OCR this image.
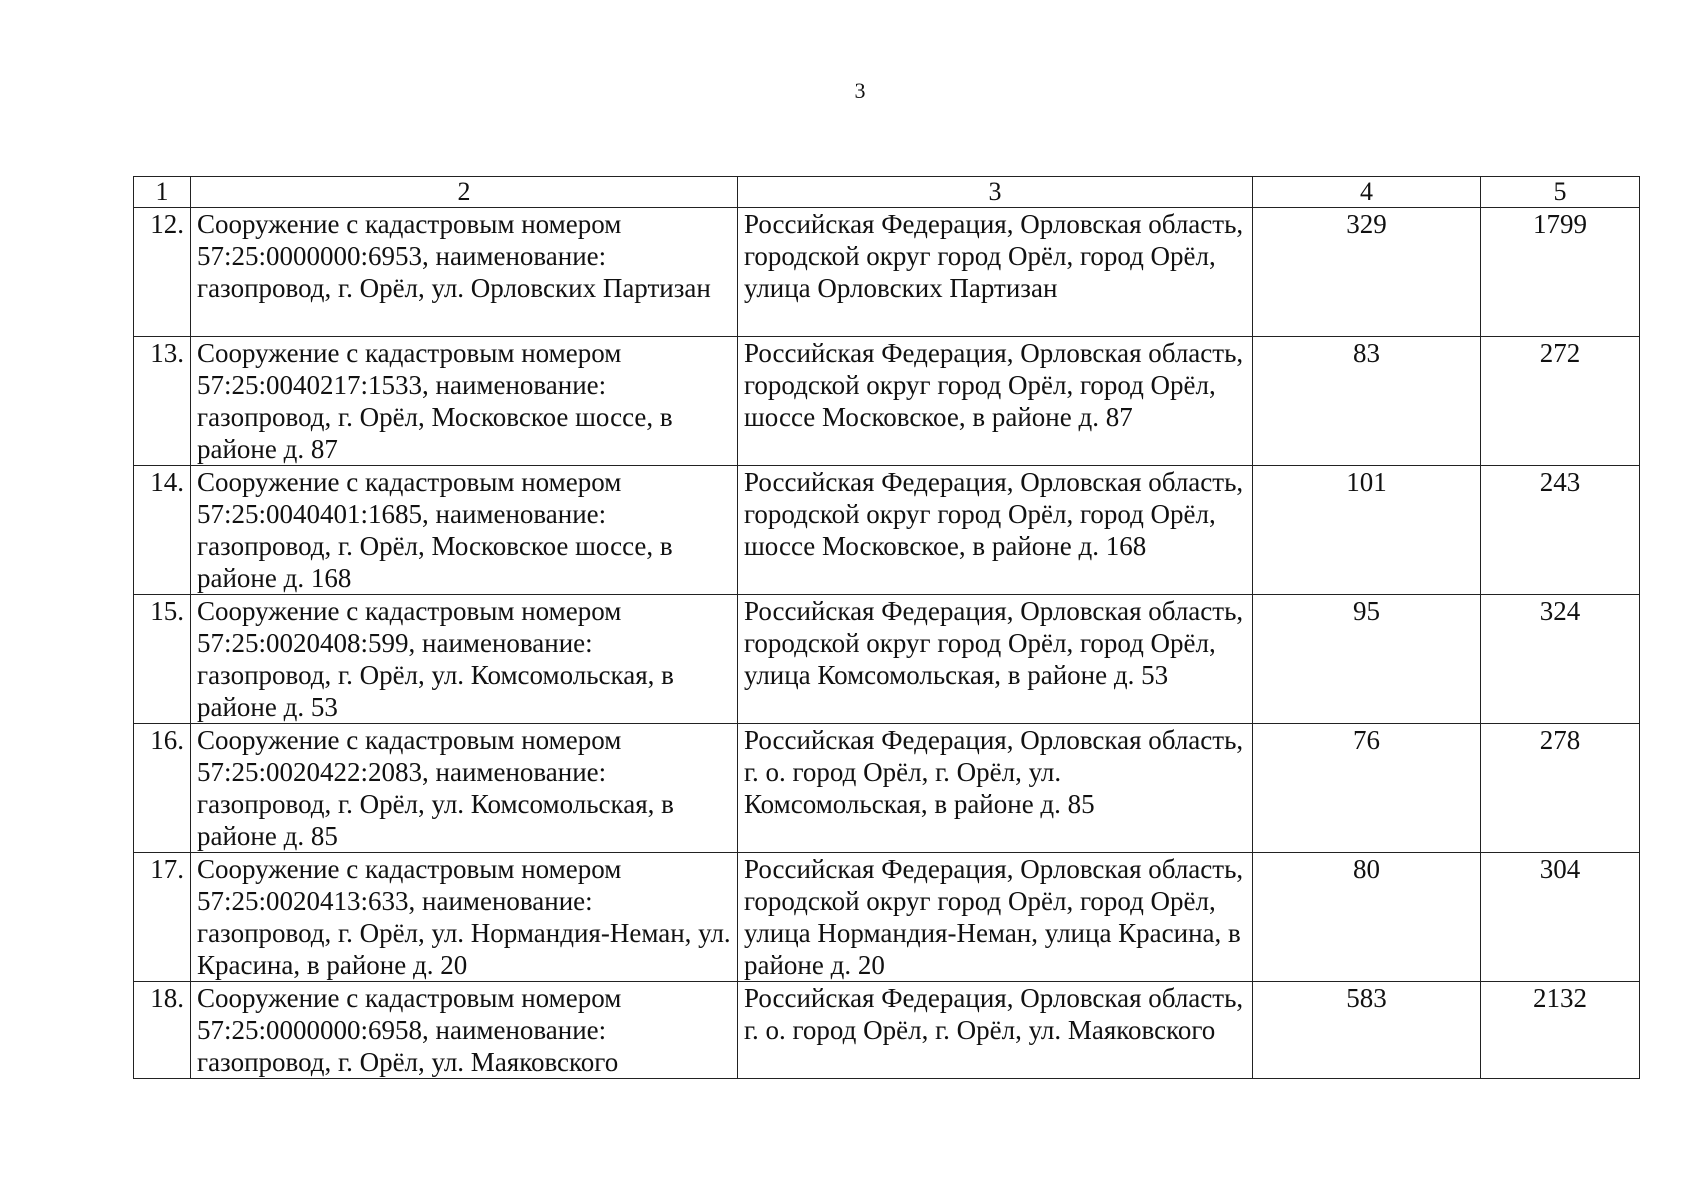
3
1	2	3	4	5
12.	Сооружение с кадастровым номером 57:25:0000000:6953, наименование: газопровод, г. Орёл, ул. Орловских Партизан	Российская Федерация, Орловская область, городской округ город Орёл, город Орёл, улица Орловских Партизан	329	1799
13.	Сооружение с кадастровым номером 57:25:0040217:1533, наименование: газопровод, г. Орёл, Московское шоссе, в районе д. 87	Российская Федерация, Орловская область, городской округ город Орёл, город Орёл, шоссе Московское, в районе д. 87	83	272
14.	Сооружение с кадастровым номером 57:25:0040401:1685, наименование: газопровод, г. Орёл, Московское шоссе, в районе д. 168	Российская Федерация, Орловская область, городской округ город Орёл, город Орёл, шоссе Московское, в районе д. 168	101	243
15.	Сооружение с кадастровым номером 57:25:0020408:599, наименование: газопровод, г. Орёл, ул. Комсомольская, в районе д. 53	Российская Федерация, Орловская область, городской округ город Орёл, город Орёл, улица Комсомольская, в районе д. 53	95	324
16.	Сооружение с кадастровым номером 57:25:0020422:2083, наименование: газопровод, г. Орёл, ул. Комсомольская, в районе д. 85	Российская Федерация, Орловская область, г. о. город Орёл, г. Орёл, ул. Комсомольская, в районе д. 85	76	278
17.	Сооружение с кадастровым номером 57:25:0020413:633, наименование: газопровод, г. Орёл, ул. Нормандия-Неман, ул. Красина, в районе д. 20	Российская Федерация, Орловская область, городской округ город Орёл, город Орёл, улица Нормандия-Неман, улица Красина, в районе д. 20	80	304
18.	Сооружение с кадастровым номером 57:25:0000000:6958, наименование: газопровод, г. Орёл, ул. Маяковского	Российская Федерация, Орловская область, г. о. город Орёл, г. Орёл, ул. Маяковского	583	2132
